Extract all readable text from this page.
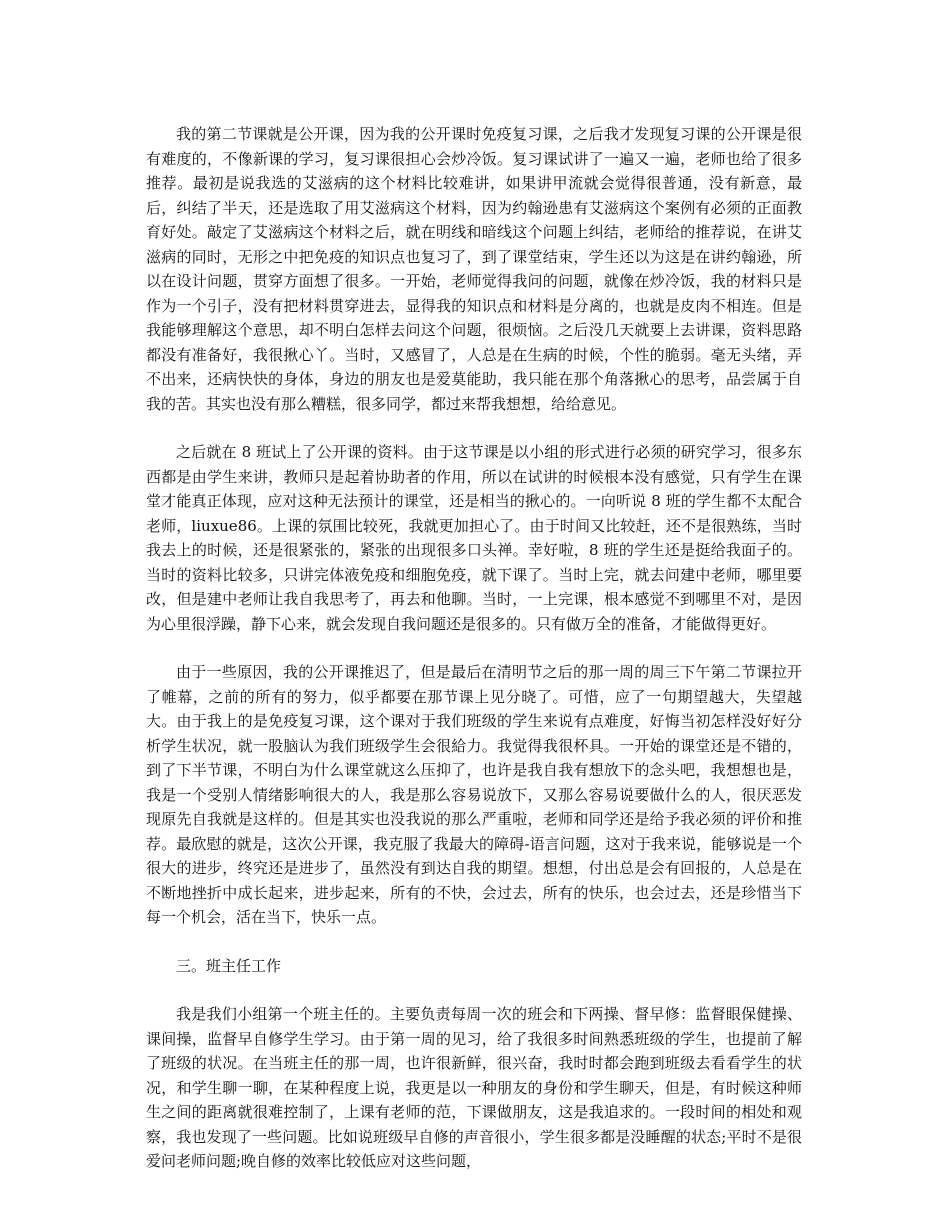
我的第二节课就是公开课，因为我的公开课时免疫复习课，之后我才发现复习课的公开课是很有难度的，不像新课的学习，复习课很担心会炒冷饭。复习课试讲了一遍又一遍，老师也给了很多推荐。最初是说我选的艾滋病的这个材料比较难讲，如果讲甲流就会觉得很普通，没有新意，最后，纠结了半天，还是选取了用艾滋病这个材料，因为约翰逊患有艾滋病这个案例有必须的正面教育好处。敲定了艾滋病这个材料之后，就在明线和暗线这个问题上纠结，老师给的推荐说，在讲艾滋病的同时，无形之中把免疫的知识点也复习了，到了课堂结束，学生还以为这是在讲约翰逊，所以在设计问题，贯穿方面想了很多。一开始，老师觉得我问的问题，就像在炒冷饭，我的材料只是作为一个引子，没有把材料贯穿进去，显得我的知识点和材料是分离的，也就是皮肉不相连。但是我能够理解这个意思，却不明白怎样去问这个问题，很烦恼。之后没几天就要上去讲课，资料思路都没有准备好，我很揪心丫。当时，又感冒了，人总是在生病的时候，个性的脆弱。毫无头绪，弄不出来，还病快快的身体，身边的朋友也是爱莫能助，我只能在那个角落揪心的思考，品尝属于自我的苦。其实也没有那么糟糕，很多同学，都过来帮我想想，给给意见。

之后就在 8 班试上了公开课的资料。由于这节课是以小组的形式进行必须的研究学习，很多东西都是由学生来讲，教师只是起着协助者的作用，所以在试讲的时候根本没有感觉，只有学生在课堂才能真正体现，应对这种无法预计的课堂，还是相当的揪心的。一向听说 8 班的学生都不太配合老师，liuxue86。上课的氛围比较死，我就更加担心了。由于时间又比较赶，还不是很熟练，当时我去上的时候，还是很紧张的，紧张的出现很多口头禅。幸好啦，8 班的学生还是挺给我面子的。当时的资料比较多，只讲完体液免疫和细胞免疫，就下课了。当时上完，就去问建中老师，哪里要改，但是建中老师让我自我思考了，再去和他聊。当时，一上完课，根本感觉不到哪里不对，是因为心里很浮躁，静下心来，就会发现自我问题还是很多的。只有做万全的准备，才能做得更好。

由于一些原因，我的公开课推迟了，但是最后在清明节之后的那一周的周三下午第二节课拉开了帷幕，之前的所有的努力，似乎都要在那节课上见分晓了。可惜，应了一句期望越大，失望越大。由于我上的是免疫复习课，这个课对于我们班级的学生来说有点难度，好悔当初怎样没好好分析学生状况，就一股脑认为我们班级学生会很給力。我觉得我很杯具。一开始的课堂还是不错的，到了下半节课，不明白为什么课堂就这么压抑了，也许是我自我有想放下的念头吧，我想想也是，我是一个受别人情绪影响很大的人，我是那么容易说放下，又那么容易说要做什么的人，很厌恶发现原先自我就是这样的。但是其实也没我说的那么严重啦，老师和同学还是给予我必须的评价和推荐。最欣慰的就是，这次公开课，我克服了我最大的障碍-语言问题，这对于我来说，能够说是一个很大的进步，终究还是进步了，虽然没有到达自我的期望。想想，付出总是会有回报的，人总是在不断地挫折中成长起来，进步起来，所有的不快，会过去，所有的快乐，也会过去，还是珍惜当下每一个机会，活在当下，快乐一点。

三。班主任工作

我是我们小组第一个班主任的。主要负责每周一次的班会和下两操、督早修：监督眼保健操、课间操，监督早自修学生学习。由于第一周的见习，给了我很多时间熟悉班级的学生，也提前了解了班级的状况。在当班主任的那一周，也许很新鲜，很兴奋，我时时都会跑到班级去看看学生的状况，和学生聊一聊，在某种程度上说，我更是以一种朋友的身份和学生聊天，但是，有时候这种师生之间的距离就很难控制了，上课有老师的范，下课做朋友，这是我追求的。一段时间的相处和观察，我也发现了一些问题。比如说班级早自修的声音很小，学生很多都是没睡醒的状态;平时不是很爱问老师问题;晚自修的效率比较低应对这些问题，
